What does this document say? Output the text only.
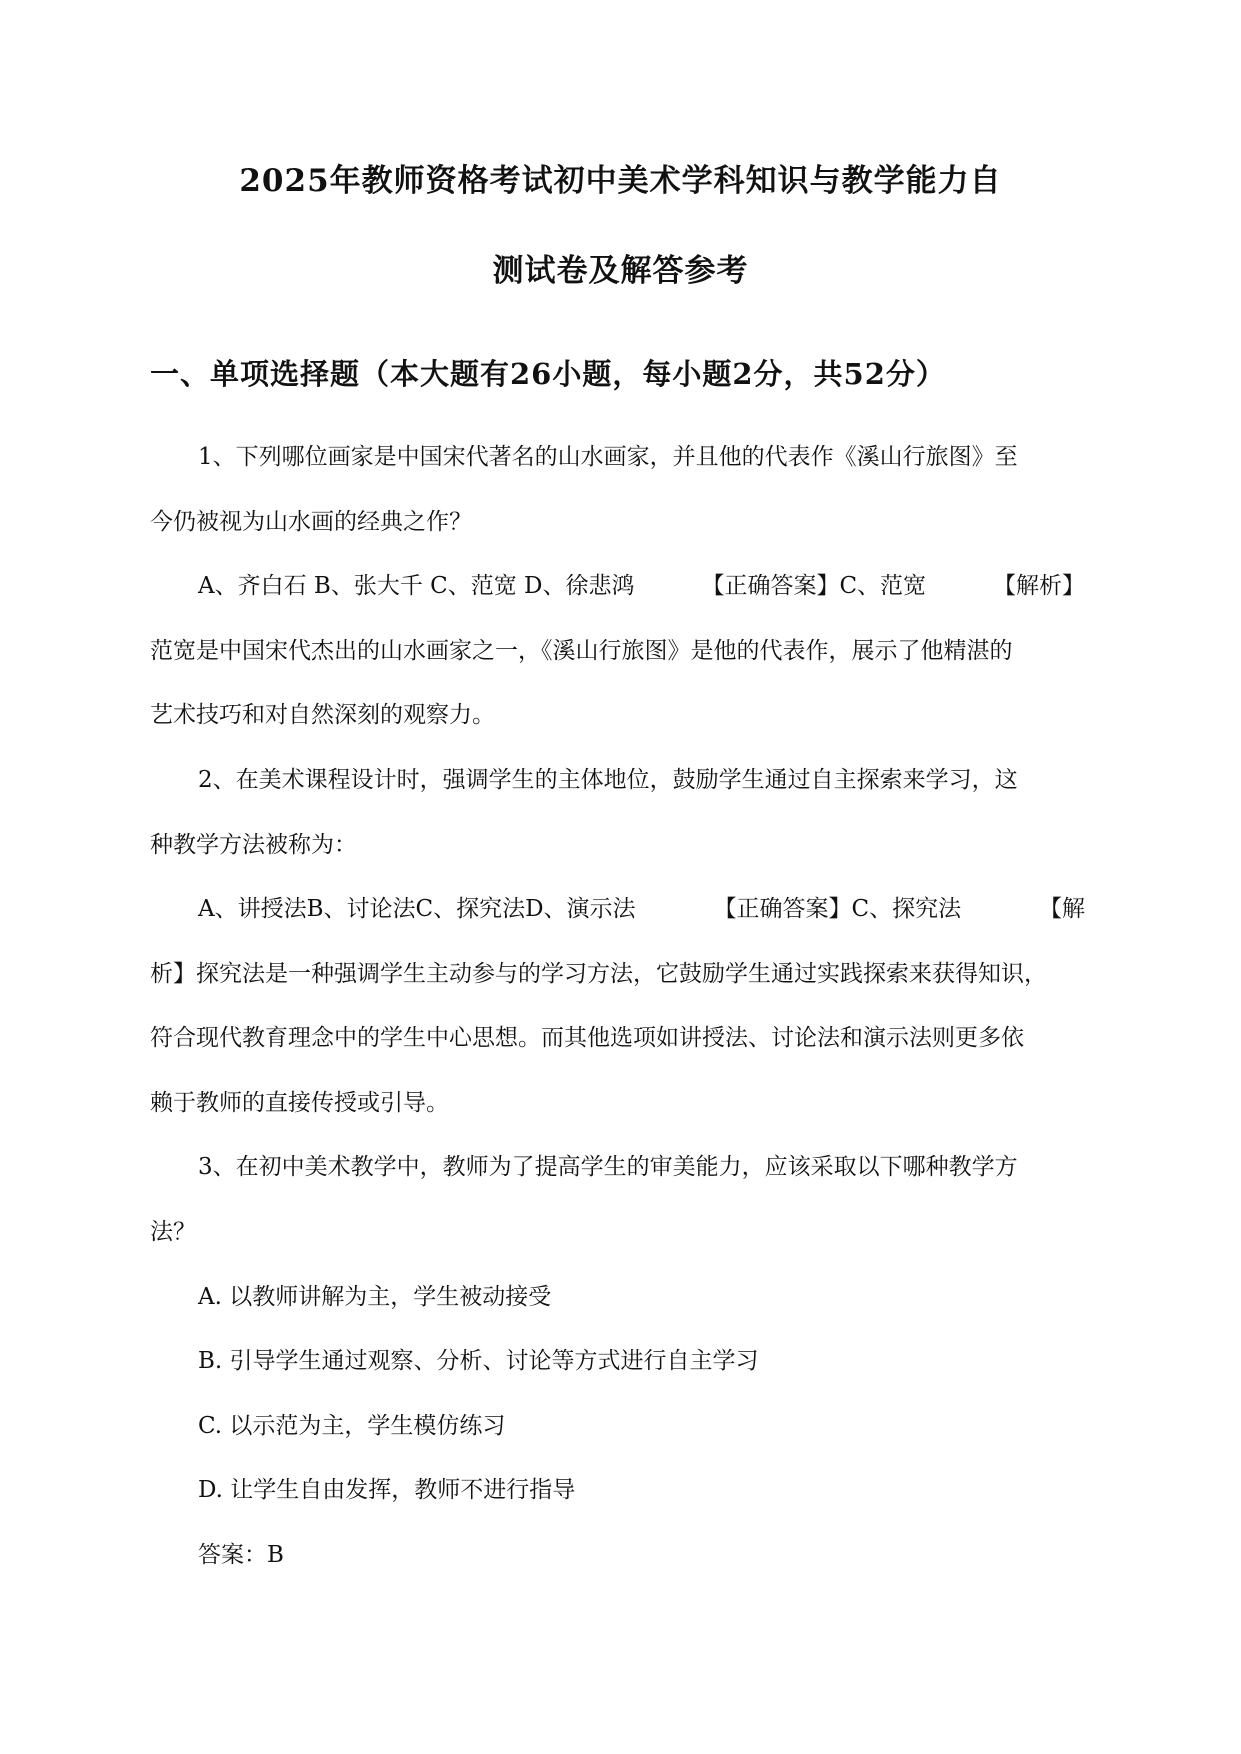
2025年教师资格考试初中美术学科知识与教学能力自
测试卷及解答参考
一、单项选择题（本大题有26小题，每小题2分，共52分）
1、下列哪位画家是中国宋代著名的山水画家，并且他的代表作《溪山行旅图》至
今仍被视为山水画的经典之作？
A、齐白石 B、张大千 C、范宽 D、徐悲鸿	【正确答案】C、范宽	【解析】
范宽是中国宋代杰出的山水画家之一，《溪山行旅图》是他的代表作，展示了他精湛的
艺术技巧和对自然深刻的观察力。
2、在美术课程设计时，强调学生的主体地位，鼓励学生通过自主探索来学习，这
种教学方法被称为：
A、讲授法B、讨论法C、探究法D、演示法	【正确答案】C、探究法	【解
析】探究法是一种强调学生主动参与的学习方法，它鼓励学生通过实践探索来获得知识，
符合现代教育理念中的学生中心思想。而其他选项如讲授法、讨论法和演示法则更多依
赖于教师的直接传授或引导。
3、在初中美术教学中，教师为了提高学生的审美能力，应该采取以下哪种教学方
法？
A. 以教师讲解为主，学生被动接受
B. 引导学生通过观察、分析、讨论等方式进行自主学习
C. 以示范为主，学生模仿练习
D. 让学生自由发挥，教师不进行指导
答案：B
